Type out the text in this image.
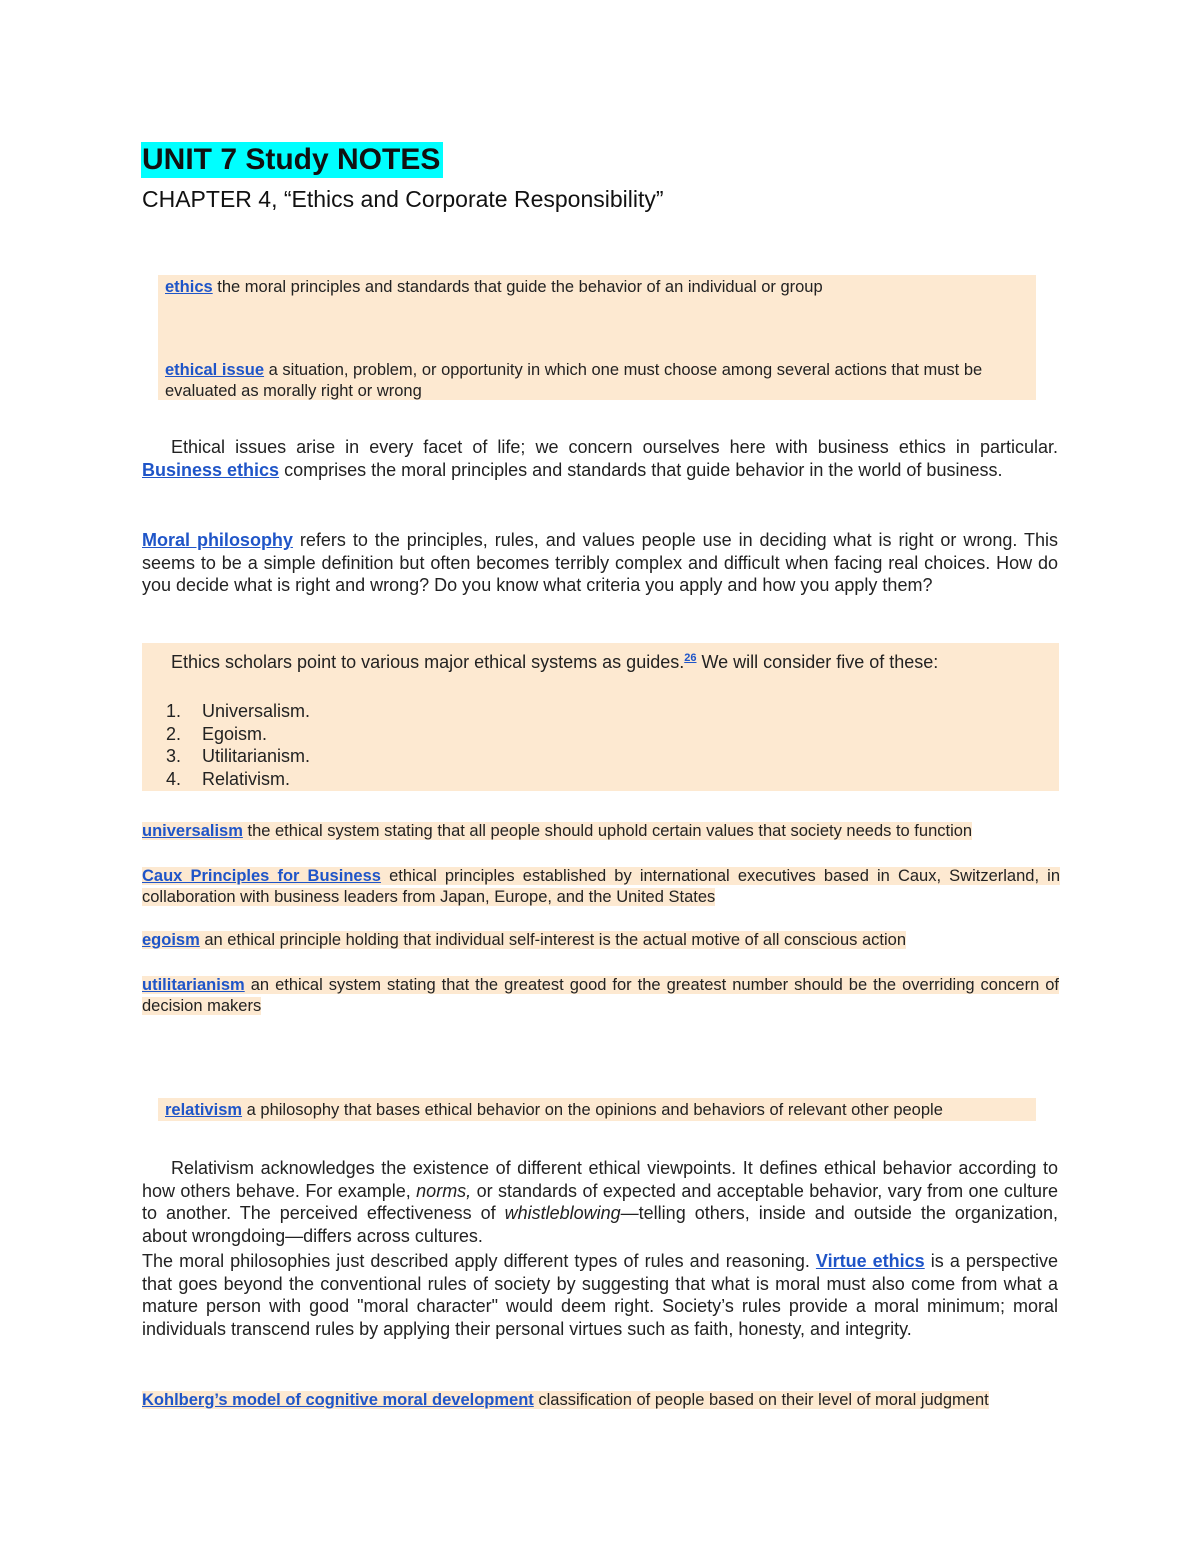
UNIT 7 Study NOTES
CHAPTER 4, “Ethics and Corporate Responsibility”
ethics the moral principles and standards that guide the behavior of an individual or group
ethical issue a situation, problem, or opportunity in which one must choose among several actions that must be evaluated as morally right or wrong
Ethical issues arise in every facet of life; we concern ourselves here with business ethics in particular. Business ethics comprises the moral principles and standards that guide behavior in the world of business.
Moral philosophy refers to the principles, rules, and values people use in deciding what is right or wrong. This seems to be a simple definition but often becomes terribly complex and difficult when facing real choices. How do you decide what is right and wrong? Do you know what criteria you apply and how you apply them?
Ethics scholars point to various major ethical systems as guides.$^{26}$ We will consider five of these:
1.	Universalism.
2.	Egoism.
3.	Utilitarianism.
4.	Relativism.
universalism the ethical system stating that all people should uphold certain values that society needs to function
Caux Principles for Business ethical principles established by international executives based in Caux, Switzerland, in collaboration with business leaders from Japan, Europe, and the United States
egoism an ethical principle holding that individual self-interest is the actual motive of all conscious action
utilitarianism an ethical system stating that the greatest good for the greatest number should be the overriding concern of decision makers
relativism a philosophy that bases ethical behavior on the opinions and behaviors of relevant other people
Relativism acknowledges the existence of different ethical viewpoints. It defines ethical behavior according to how others behave. For example, norms, or standards of expected and acceptable behavior, vary from one culture to another. The perceived effectiveness of whistleblowing—telling others, inside and outside the organization, about wrongdoing—differs across cultures.
The moral philosophies just described apply different types of rules and reasoning. Virtue ethics is a perspective that goes beyond the conventional rules of society by suggesting that what is moral must also come from what a mature person with good "moral character" would deem right. Society’s rules provide a moral minimum; moral individuals transcend rules by applying their personal virtues such as faith, honesty, and integrity.
Kohlberg’s model of cognitive moral development classification of people based on their level of moral judgment
